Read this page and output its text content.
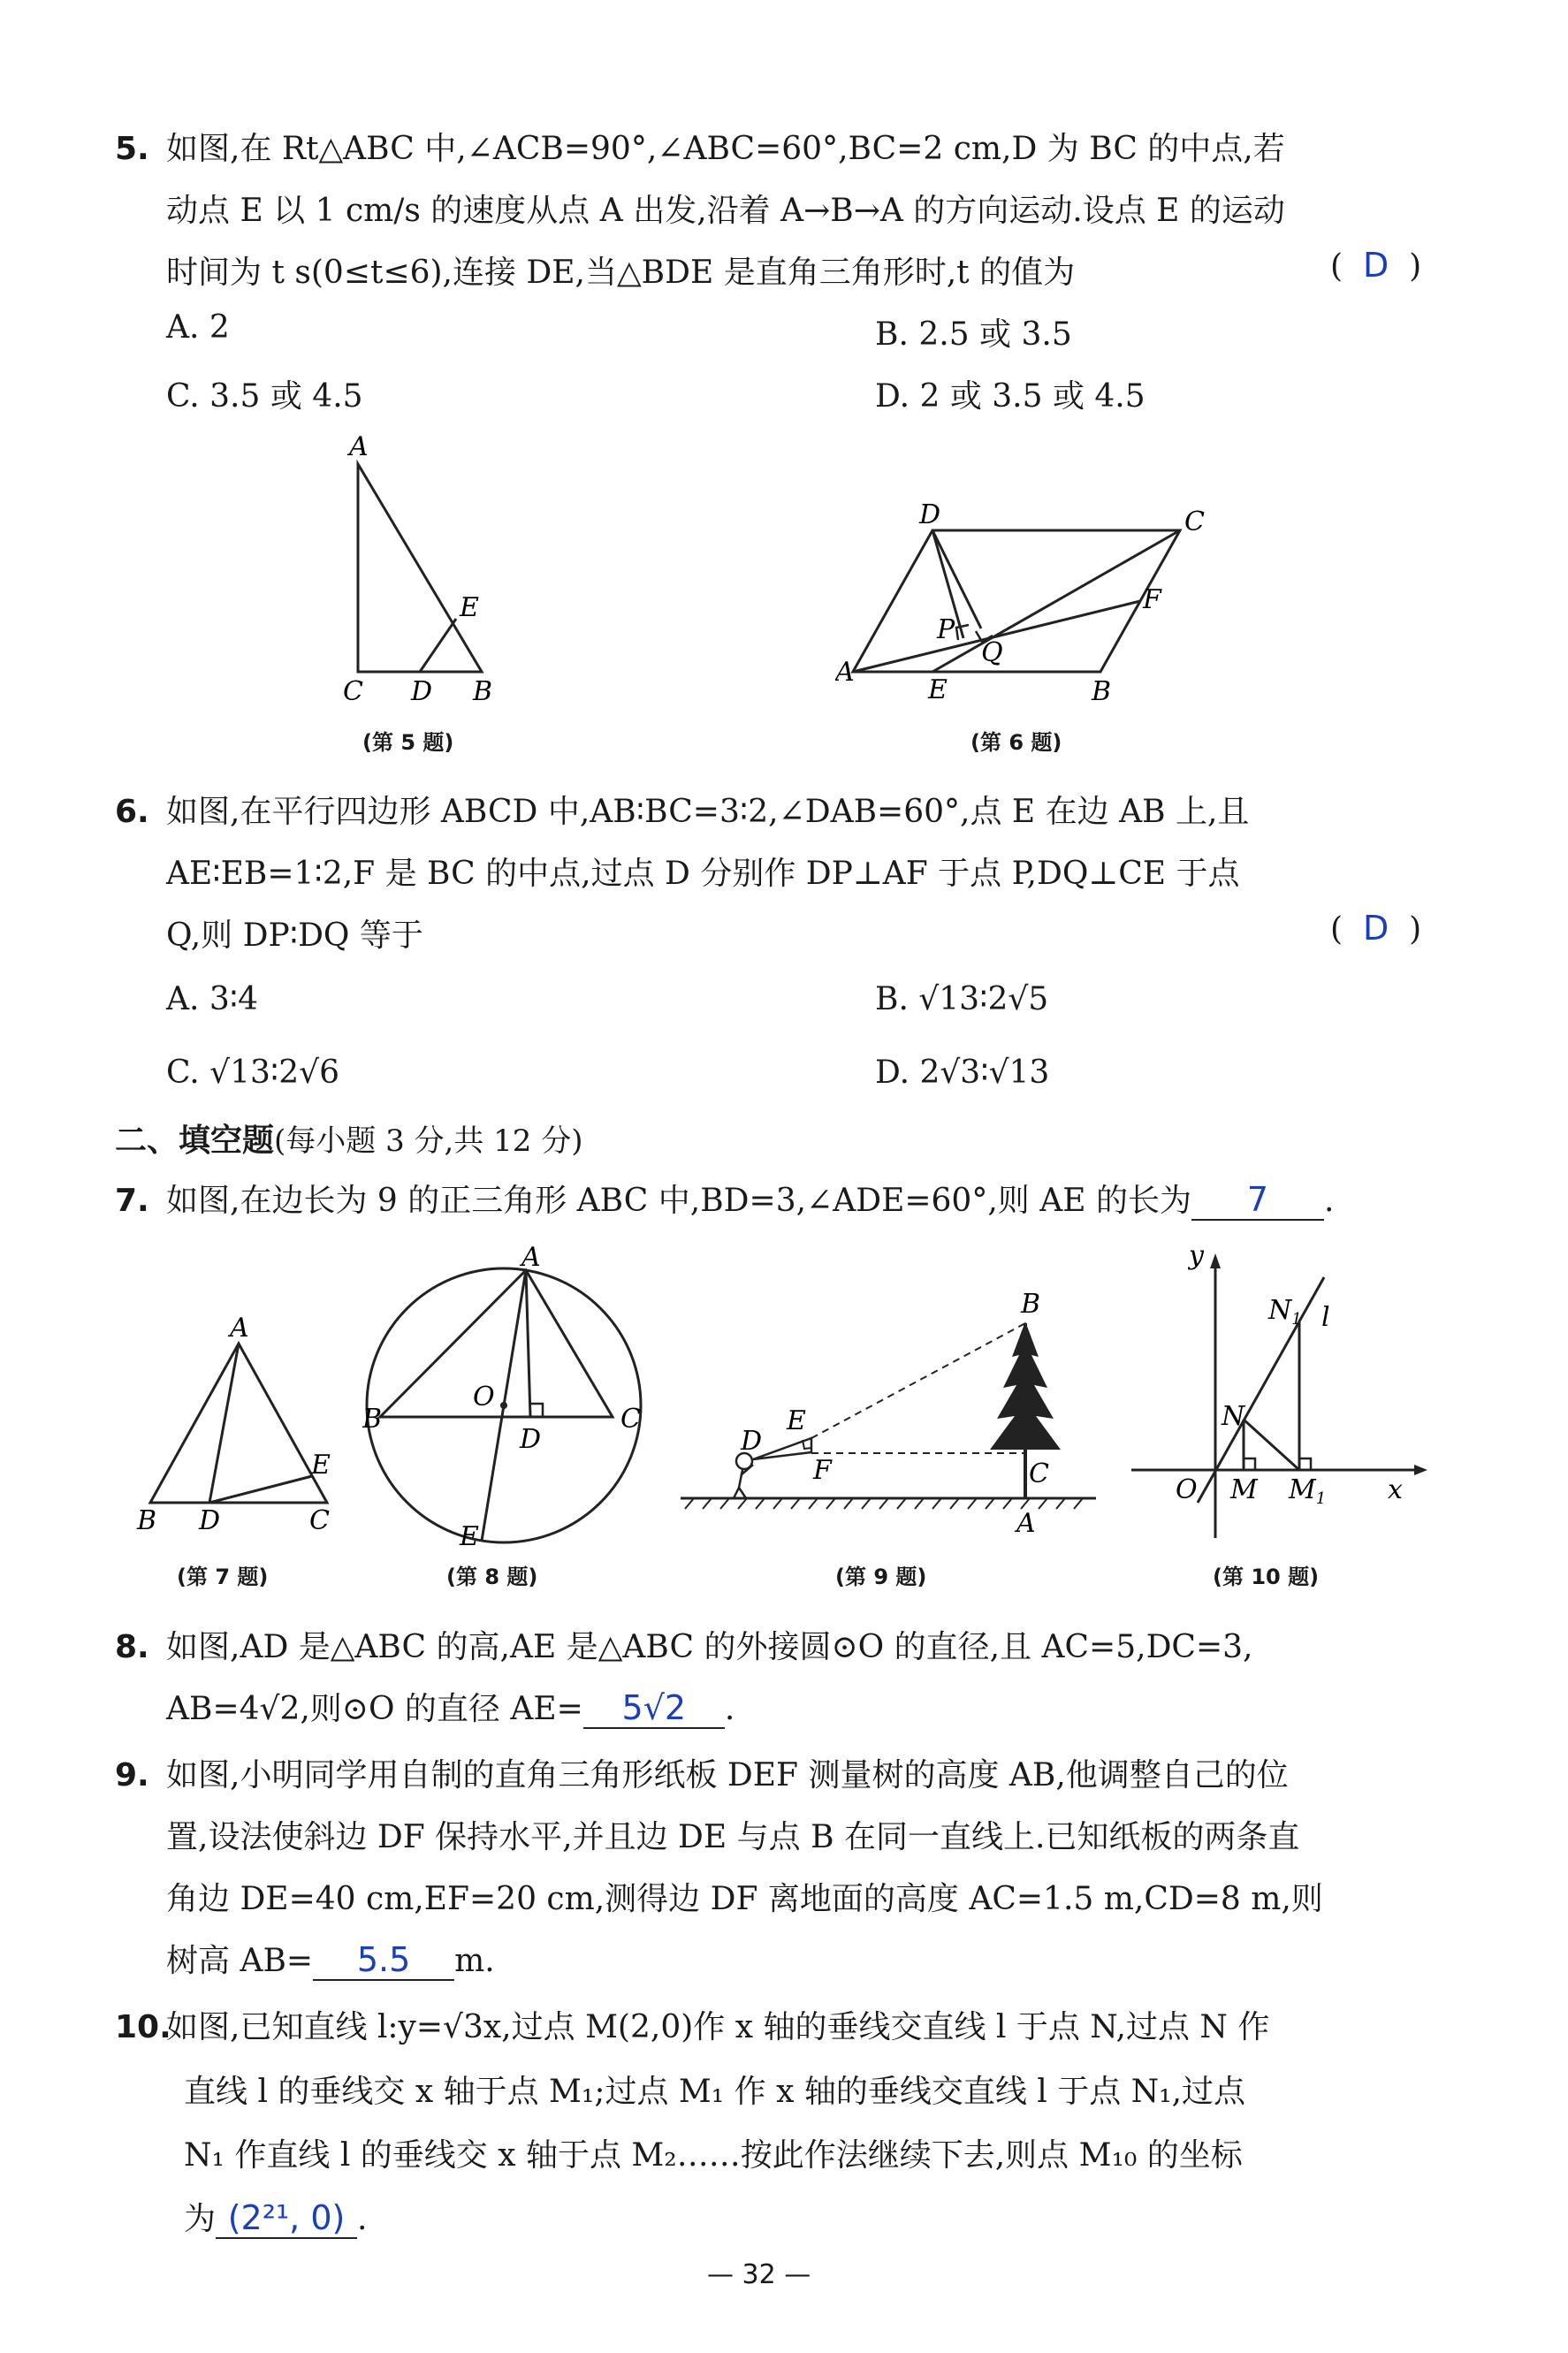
5. 如图,在 Rt△ABC 中,∠ACB=90°,∠ABC=60°,BC=2 cm,D 为 BC 的中点,若
动点 E 以 1 cm/s 的速度从点 A 出发,沿着 A→B→A 的方向运动.设点 E 的运动
时间为 t s(0≤t≤6),连接 DE,当△BDE 是直角三角形时,t 的值为	(  D  )
A. 2	B. 2.5 或 3.5
C. 3.5 或 4.5	D. 2 或 3.5 或 4.5
A
C D B
E
(第 5 题)
D	C
A
E	B
F
P
Q
(第 6 题)
6. 如图,在平行四边形 ABCD 中,AB∶BC=3∶2,∠DAB=60°,点 E 在边 AB 上,且
AE∶EB=1∶2,F 是 BC 的中点,过点 D 分别作 DP⊥AF 于点 P,DQ⊥CE 于点
Q,则 DP∶DQ 等于	(  D  )
A. 3∶4	B. √13∶2√5
C. √13∶2√6	D. 2√3∶√13
二、填空题(每小题 3 分,共 12 分)
7. 如图,在边长为 9 的正三角形 ABC 中,BD=3,∠ADE=60°,则 AE 的长为 7 .
A
B D	C
E
(第 7 题)
A
B	C
D
O
E
(第 8 题)
B
C
A
D
E
F
(第 9 题)
y
x
O M $M_1$
N
$N_1$ l
(第 10 题)
8. 如图,AD 是△ABC 的高,AE 是△ABC 的外接圆⊙O 的直径,且 AC=5,DC=3,
AB=4√2,则⊙O 的直径 AE= 5√2 .
9. 如图,小明同学用自制的直角三角形纸板 DEF 测量树的高度 AB,他调整自己的位
置,设法使斜边 DF 保持水平,并且边 DE 与点 B 在同一直线上.已知纸板的两条直
角边 DE=40 cm,EF=20 cm,测得边 DF 离地面的高度 AC=1.5 m,CD=8 m,则
树高 AB= 5.5 m.
10.如图,已知直线 l:y=√3x,过点 M(2,0)作 x 轴的垂线交直线 l 于点 N,过点 N 作
直线 l 的垂线交 x 轴于点 M₁;过点 M₁ 作 x 轴的垂线交直线 l 于点 N₁,过点
N₁ 作直线 l 的垂线交 x 轴于点 M₂……按此作法继续下去,则点 M₁₀ 的坐标
为 (2²¹, 0) .
— 32 —
